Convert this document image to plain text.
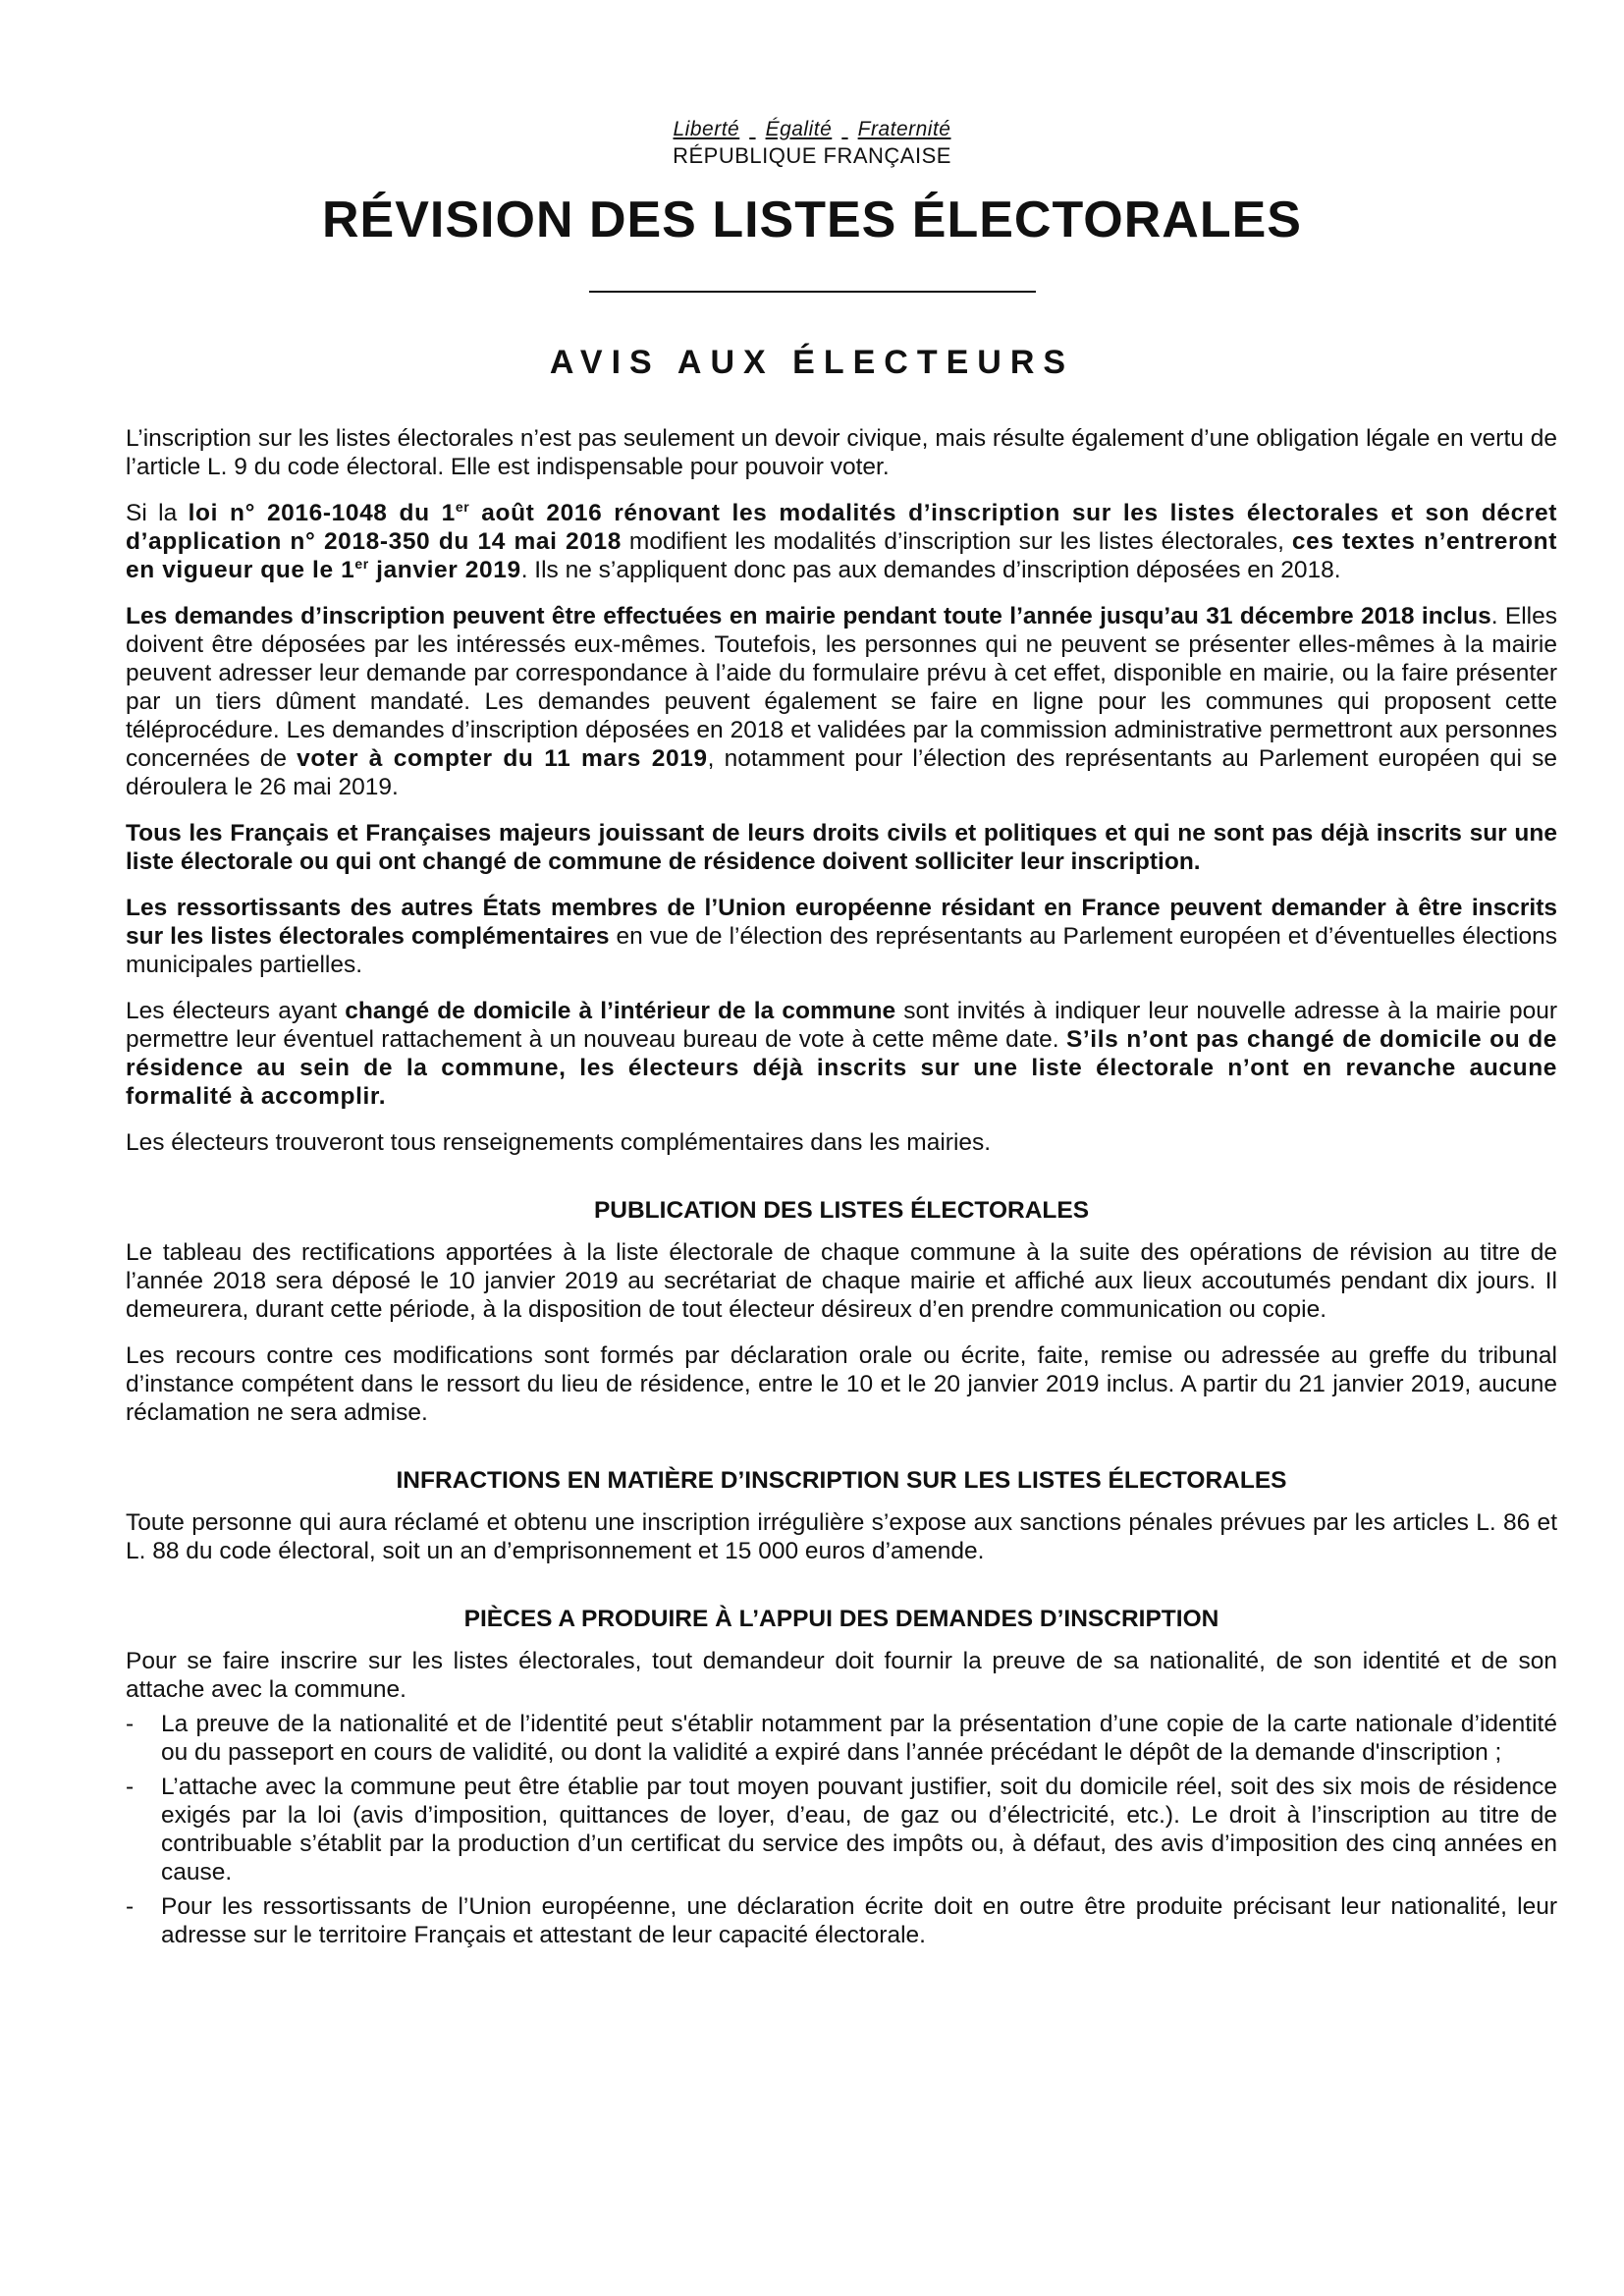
Liberté Égalité Fraternité
RÉPUBLIQUE FRANÇAISE
RÉVISION DES LISTES ÉLECTORALES
AVIS AUX ÉLECTEURS

L’inscription sur les listes électorales n’est pas seulement un devoir civique, mais résulte également d’une obligation légale en vertu de l’article L. 9 du code électoral. Elle est indispensable pour pouvoir voter.

Si la loi n° 2016-1048 du 1er août 2016 rénovant les modalités d’inscription sur les listes électorales et son décret d’application n° 2018-350 du 14 mai 2018 modifient les modalités d’inscription sur les listes électorales, ces textes n’entreront en vigueur que le 1er janvier 2019. Ils ne s’appliquent donc pas aux demandes d’inscription déposées en 2018.

Les demandes d’inscription peuvent être effectuées en mairie pendant toute l’année jusqu’au 31 décembre 2018 inclus. Elles doivent être déposées par les intéressés eux-mêmes. Toutefois, les personnes qui ne peuvent se présenter elles-mêmes à la mairie peuvent adresser leur demande par correspondance à l’aide du formulaire prévu à cet effet, disponible en mairie, ou la faire présenter par un tiers dûment mandaté. Les demandes peuvent également se faire en ligne pour les communes qui proposent cette téléprocédure. Les demandes d’inscription déposées en 2018 et validées par la commission administrative permettront aux personnes concernées de voter à compter du 11 mars 2019, notamment pour l’élection des représentants au Parlement européen qui se déroulera le 26 mai 2019.

Tous les Français et Françaises majeurs jouissant de leurs droits civils et politiques et qui ne sont pas déjà inscrits sur une liste électorale ou qui ont changé de commune de résidence doivent solliciter leur inscription.

Les ressortissants des autres États membres de l’Union européenne résidant en France peuvent demander à être inscrits sur les listes électorales complémentaires en vue de l’élection des représentants au Parlement européen et d’éventuelles élections municipales partielles.

Les électeurs ayant changé de domicile à l’intérieur de la commune sont invités à indiquer leur nouvelle adresse à la mairie pour permettre leur éventuel rattachement à un nouveau bureau de vote à cette même date. S’ils n’ont pas changé de domicile ou de résidence au sein de la commune, les électeurs déjà inscrits sur une liste électorale n’ont en revanche aucune formalité à accomplir.

Les électeurs trouveront tous renseignements complémentaires dans les mairies.

PUBLICATION DES LISTES ÉLECTORALES

Le tableau des rectifications apportées à la liste électorale de chaque commune à la suite des opérations de révision au titre de l’année 2018 sera déposé le 10 janvier 2019 au secrétariat de chaque mairie et affiché aux lieux accoutumés pendant dix jours. Il demeurera, durant cette période, à la disposition de tout électeur désireux d’en prendre communication ou copie.

Les recours contre ces modifications sont formés par déclaration orale ou écrite, faite, remise ou adressée au greffe du tribunal d’instance compétent dans le ressort du lieu de résidence, entre le 10 et le 20 janvier 2019 inclus. A partir du 21 janvier 2019, aucune réclamation ne sera admise.

INFRACTIONS EN MATIÈRE D’INSCRIPTION SUR LES LISTES ÉLECTORALES

Toute personne qui aura réclamé et obtenu une inscription irrégulière s’expose aux sanctions pénales prévues par les articles L. 86 et L. 88 du code électoral, soit un an d’emprisonnement et 15 000 euros d’amende.

PIÈCES A PRODUIRE À L’APPUI DES DEMANDES D’INSCRIPTION

Pour se faire inscrire sur les listes électorales, tout demandeur doit fournir la preuve de sa nationalité, de son identité et de son attache avec la commune.

- La preuve de la nationalité et de l’identité peut s'établir notamment par la présentation d’une copie de la carte nationale d’identité ou du passeport en cours de validité, ou dont la validité a expiré dans l’année précédant le dépôt de la demande d'inscription ;
- L’attache avec la commune peut être établie par tout moyen pouvant justifier, soit du domicile réel, soit des six mois de résidence exigés par la loi (avis d’imposition, quittances de loyer, d’eau, de gaz ou d’électricité, etc.). Le droit à l’inscription au titre de contribuable s’établit par la production d’un certificat du service des impôts ou, à défaut, des avis d’imposition des cinq années en cause.
- Pour les ressortissants de l’Union européenne, une déclaration écrite doit en outre être produite précisant leur nationalité, leur adresse sur le territoire Français et attestant de leur capacité électorale.
